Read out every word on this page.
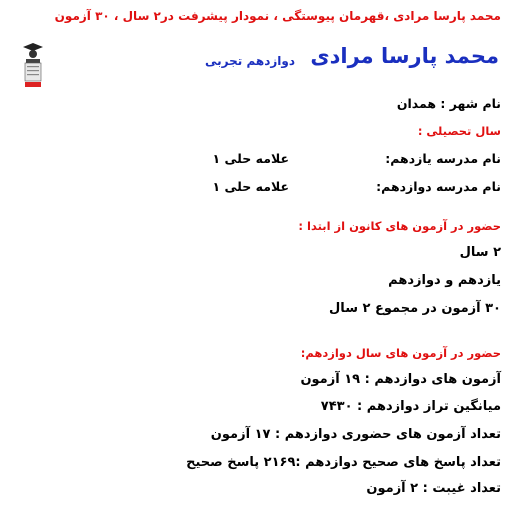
محمد پارسا مرادی ،قهرمان پیوستگی ، نمودار پیشرفت در۲ سال ، ۳۰ آزمون
محمد پارسا مرادی
دوازدهم تجربی
نام شهر : همدان
سال تحصیلی :
نام مدرسه یازدهم:
علامه حلی ۱
نام مدرسه دوازدهم:
علامه حلی ۱
حضور در آزمون های کانون از ابتدا :
۲ سال
یازدهم و دوازدهم
۳۰ آزمون در مجموع ۲ سال
حضور در آزمون های سال دوازدهم:
آزمون های دوازدهم : ۱۹ آزمون
میانگین تراز دوازدهم : ۷۴۳۰
تعداد آزمون های حضوری دوازدهم : ۱۷ آزمون
تعداد پاسخ های صحیح دوازدهم :۲۱۶۹ پاسخ صحیح
تعداد غیبت : ۲ آزمون
